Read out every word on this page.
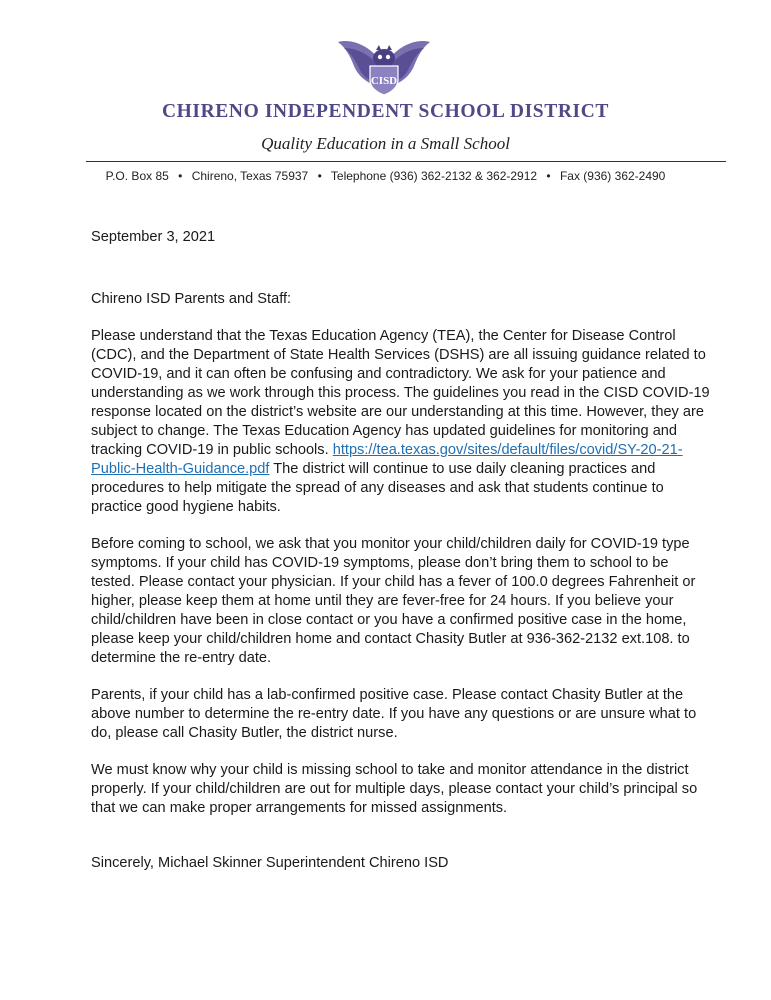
CISD
CHIRENO INDEPENDENT SCHOOL DISTRICT
Quality Education in a Small School
P.O. Box 85 • Chireno, Texas 75937 • Telephone (936) 362-2132 & 362-2912 • Fax (936) 362-2490

September 3, 2021

Chireno ISD Parents and Staff:

Please understand that the Texas Education Agency (TEA), the Center for Disease Control (CDC), and the Department of State Health Services (DSHS) are all issuing guidance related to COVID-19, and it can often be confusing and contradictory. We ask for your patience and understanding as we work through this process. The guidelines you read in the CISD COVID-19 response located on the district’s website are our understanding at this time. However, they are subject to change. The Texas Education Agency has updated guidelines for monitoring and tracking COVID-19 in public schools. https://tea.texas.gov/sites/default/files/covid/SY-20-21-Public-Health-Guidance.pdf The district will continue to use daily cleaning practices and procedures to help mitigate the spread of any diseases and ask that students continue to practice good hygiene habits.

Before coming to school, we ask that you monitor your child/children daily for COVID-19 type symptoms. If your child has COVID-19 symptoms, please don’t bring them to school to be tested. Please contact your physician. If your child has a fever of 100.0 degrees Fahrenheit or higher, please keep them at home until they are fever-free for 24 hours. If you believe your child/children have been in close contact or you have a confirmed positive case in the home, please keep your child/children home and contact Chasity Butler at 936-362-2132 ext.108. to determine the re-entry date.

Parents, if your child has a lab-confirmed positive case. Please contact Chasity Butler at the above number to determine the re-entry date. If you have any questions or are unsure what to do, please call Chasity Butler, the district nurse.

We must know why your child is missing school to take and monitor attendance in the district properly. If your child/children are out for multiple days, please contact your child’s principal so that we can make proper arrangements for missed assignments.

Sincerely, Michael Skinner Superintendent Chireno ISD
